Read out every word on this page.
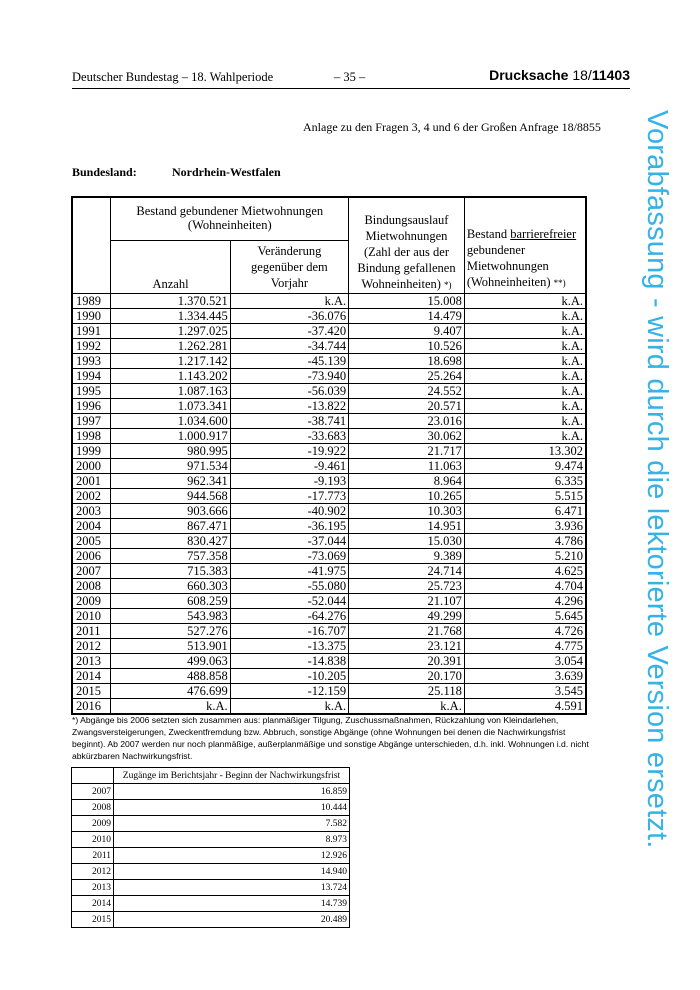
Deutscher Bundestag – 18. Wahlperiode	– 35 –	Drucksache 18/11403
Anlage zu den Fragen 3, 4 und 6 der Großen Anfrage 18/8855
Bundesland:	Nordrhein-Westfalen
	Bestand gebundener Mietwohnungen (Wohneinheiten)		Bindungsauslauf Mietwohnungen (Zahl der aus der Bindung gefallenen Wohneinheiten) *)	Bestand barrierefreier gebundener Mietwohnungen (Wohneinheiten) **)
	Anzahl	Veränderung gegenüber dem Vorjahr		
1989	1.370.521	k.A.	15.008	k.A.
1990	1.334.445	-36.076	14.479	k.A.
1991	1.297.025	-37.420	9.407	k.A.
1992	1.262.281	-34.744	10.526	k.A.
1993	1.217.142	-45.139	18.698	k.A.
1994	1.143.202	-73.940	25.264	k.A.
1995	1.087.163	-56.039	24.552	k.A.
1996	1.073.341	-13.822	20.571	k.A.
1997	1.034.600	-38.741	23.016	k.A.
1998	1.000.917	-33.683	30.062	k.A.
1999	980.995	-19.922	21.717	13.302
2000	971.534	-9.461	11.063	9.474
2001	962.341	-9.193	8.964	6.335
2002	944.568	-17.773	10.265	5.515
2003	903.666	-40.902	10.303	6.471
2004	867.471	-36.195	14.951	3.936
2005	830.427	-37.044	15.030	4.786
2006	757.358	-73.069	9.389	5.210
2007	715.383	-41.975	24.714	4.625
2008	660.303	-55.080	25.723	4.704
2009	608.259	-52.044	21.107	4.296
2010	543.983	-64.276	49.299	5.645
2011	527.276	-16.707	21.768	4.726
2012	513.901	-13.375	23.121	4.775
2013	499.063	-14.838	20.391	3.054
2014	488.858	-10.205	20.170	3.639
2015	476.699	-12.159	25.118	3.545
2016	k.A.	k.A.	k.A.	4.591
*) Abgänge bis 2006 setzten sich zusammen aus: planmäßiger Tilgung, Zuschussmaßnahmen, Rückzahlung von Kleindarlehen, Zwangsversteigerungen, Zweckentfremdung bzw. Abbruch, sonstige Abgänge (ohne Wohnungen bei denen die Nachwirkungsfrist beginnt). Ab 2007 werden nur noch planmäßige, außerplanmäßige und sonstige Abgänge unterschieden, d.h. inkl. Wohnungen i.d. nicht abkürzbaren Nachwirkungsfrist.
	Zugänge im Berichtsjahr - Beginn der Nachwirkungsfrist
2007	16.859
2008	10.444
2009	7.582
2010	8.973
2011	12.926
2012	14.940
2013	13.724
2014	14.739
2015	20.489
Vorabfassung - wird durch die lektorierte Version ersetzt.
